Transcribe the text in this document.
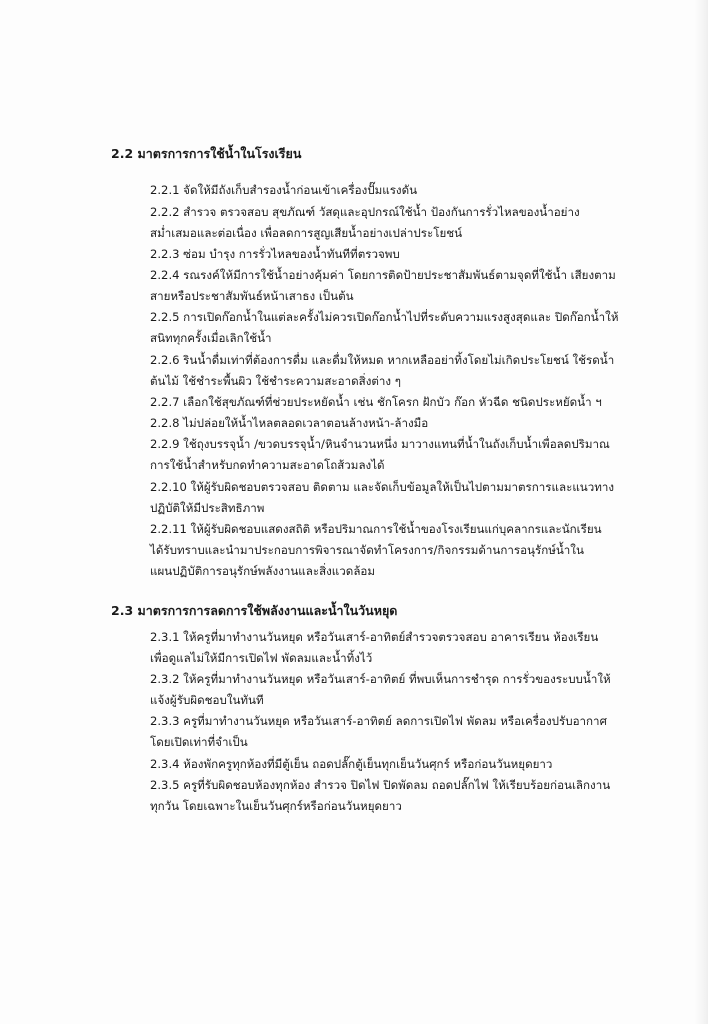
2.2 มาตรการการใช้น้ำในโรงเรียน
2.2.1 จัดให้มีถังเก็บสำรองน้ำก่อนเข้าเครื่องปั๊มแรงดัน
2.2.2 สำรวจ ตรวจสอบ สุขภัณฑ์ วัสดุและอุปกรณ์ใช้น้ำ ป้องกันการรั่วไหลของน้ำอย่าง
สม่ำเสมอและต่อเนื่อง เพื่อลดการสูญเสียน้ำอย่างเปล่าประโยชน์
2.2.3 ซ่อม บำรุง การรั่วไหลของน้ำทันทีที่ตรวจพบ
2.2.4 รณรงค์ให้มีการใช้น้ำอย่างคุ้มค่า โดยการติดป้ายประชาสัมพันธ์ตามจุดที่ใช้น้ำ เสียงตาม
สายหรือประชาสัมพันธ์หน้าเสาธง เป็นต้น
2.2.5 การเปิดก๊อกน้ำในแต่ละครั้งไม่ควรเปิดก๊อกน้ำไปที่ระดับความแรงสูงสุดและ ปิดก๊อกน้ำให้
สนิททุกครั้งเมื่อเลิกใช้น้ำ
2.2.6 รินน้ำดื่มเท่าที่ต้องการดื่ม และดื่มให้หมด หากเหลืออย่าทิ้งโดยไม่เกิดประโยชน์ ใช้รดน้ำ
ต้นไม้ ใช้ชำระพื้นผิว ใช้ชำระความสะอาดสิ่งต่าง ๆ
2.2.7 เลือกใช้สุขภัณฑ์ที่ช่วยประหยัดน้ำ เช่น ชักโครก ฝักบัว ก๊อก หัวฉีด ชนิดประหยัดน้ำ ฯ
2.2.8 ไม่ปล่อยให้น้ำไหลตลอดเวลาตอนล้างหน้า-ล้างมือ
2.2.9 ใช้ถุงบรรจุน้ำ /ขวดบรรจุน้ำ/หินจำนวนหนึ่ง มาวางแทนที่น้ำในถังเก็บน้ำเพื่อลดปริมาณ
การใช้น้ำสำหรับกดทำความสะอาดโถส้วมลงได้
2.2.10 ให้ผู้รับผิดชอบตรวจสอบ ติดตาม และจัดเก็บข้อมูลให้เป็นไปตามมาตรการและแนวทาง
ปฏิบัติให้มีประสิทธิภาพ
2.2.11 ให้ผู้รับผิดชอบแสดงสถิติ หรือปริมาณการใช้น้ำของโรงเรียนแก่บุคลากรและนักเรียน
ได้รับทราบและนำมาประกอบการพิจารณาจัดทำโครงการ/กิจกรรมด้านการอนุรักษ์น้ำใน
แผนปฏิบัติการอนุรักษ์พลังงานและสิ่งแวดล้อม
2.3 มาตรการการลดการใช้พลังงานและน้ำในวันหยุด
2.3.1 ให้ครูที่มาทำงานวันหยุด หรือวันเสาร์-อาทิตย์สำรวจตรวจสอบ อาคารเรียน ห้องเรียน
เพื่อดูแลไม่ให้มีการเปิดไฟ พัดลมและน้ำทิ้งไว้
2.3.2 ให้ครูที่มาทำงานวันหยุด หรือวันเสาร์-อาทิตย์ ที่พบเห็นการชำรุด การรั่วของระบบน้ำให้
แจ้งผู้รับผิดชอบในทันที
2.3.3 ครูที่มาทำงานวันหยุด หรือวันเสาร์-อาทิตย์ ลดการเปิดไฟ พัดลม หรือเครื่องปรับอากาศ
โดยเปิดเท่าที่จำเป็น
2.3.4 ห้องพักครูทุกห้องที่มีตู้เย็น ถอดปลั๊กตู้เย็นทุกเย็นวันศุกร์ หรือก่อนวันหยุดยาว
2.3.5 ครูที่รับผิดชอบห้องทุกห้อง สำรวจ ปิดไฟ ปิดพัดลม ถอดปลั๊กไฟ ให้เรียบร้อยก่อนเลิกงาน
ทุกวัน โดยเฉพาะในเย็นวันศุกร์หรือก่อนวันหยุดยาว
